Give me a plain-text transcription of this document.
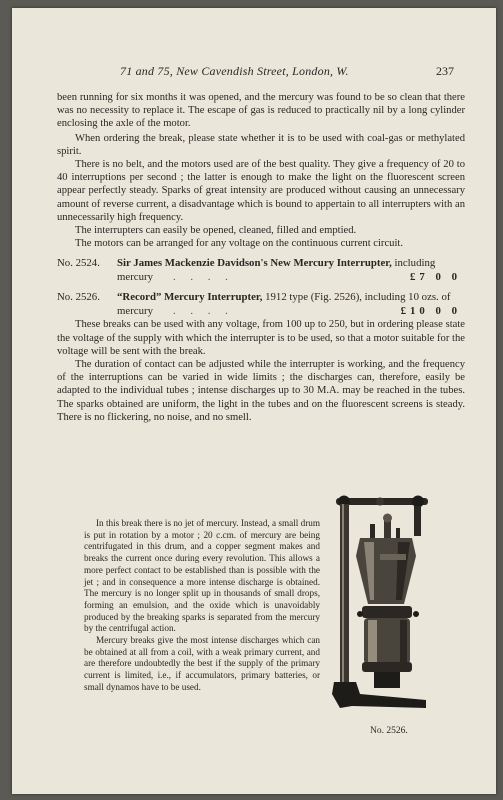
71 and 75, New Cavendish Street, London, W.	237

been running for six months it was opened, and the mercury was found to be so clean that there was no necessity to replace it. The escape of gas is reduced to practically nil by a long cylinder enclosing the axle of the motor.

When ordering the break, please state whether it is to be used with coal-gas or methylated spirit.

There is no belt, and the motors used are of the best quality. They give a frequency of 20 to 40 interruptions per second ; the latter is enough to make the light on the fluorescent screen appear perfectly steady. Sparks of great intensity are produced without causing an unnecessary amount of reverse current, a disadvantage which is bound to appertain to all interrupters with an unnecessarily high frequency.

The interrupters can easily be opened, cleaned, filled and emptied.

The motors can be arranged for any voltage on the continuous current circuit.

No. 2524. Sir James Mackenzie Davidson's New Mercury Interrupter, including mercury . . . .	£7 0 0
No. 2526. “Record” Mercury Interrupter, 1912 type (Fig. 2526), including 10 ozs. of mercury . . . .	£10 0 0

These breaks can be used with any voltage, from 100 up to 250, but in ordering please state the voltage of the supply with which the interrupter is to be used, so that a motor suitable for the voltage will be sent with the break.

The duration of contact can be adjusted while the interrupter is working, and the frequency of the interruptions can be varied in wide limits ; the discharges can, therefore, easily be adapted to the individual tubes ; intense discharges up to 30 M.A. may be reached in the tubes. The sparks obtained are uniform, the light in the tubes and on the fluorescent screens is steady. There is no flickering, no noise, and no smell.

In this break there is no jet of mercury. Instead, a small drum is put in rotation by a motor ; 20 c.cm. of mercury are being centrifugated in this drum, and a copper segment makes and breaks the current once during every revolution. This allows a more perfect contact to be established than is possible with the jet ; and in consequence a more intense discharge is obtained. The mercury is no longer split up in thousands of small drops, forming an emulsion, and the oxide which is unavoidably produced by the breaking sparks is separated from the mercury by the centrifugal action.

Mercury breaks give the most intense discharges which can be obtained at all from a coil, with a weak primary current, and are therefore undoubtedly the best if the supply of the primary current is limited, i.e., if accumulators, primary batteries, or small dynamos have to be used.

No. 2526.
